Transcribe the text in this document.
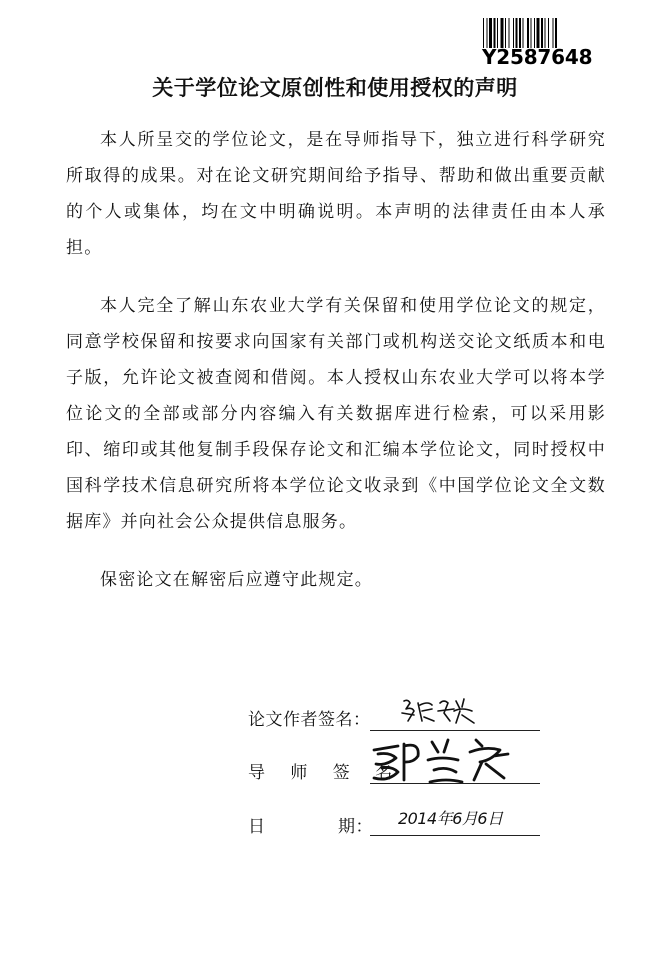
Y2587648
关于学位论文原创性和使用授权的声明

本人所呈交的学位论文，是在导师指导下，独立进行科学研究所取得的成果。对在论文研究期间给予指导、帮助和做出重要贡献的个人或集体，均在文中明确说明。本声明的法律责任由本人承担。

本人完全了解山东农业大学有关保留和使用学位论文的规定，同意学校保留和按要求向国家有关部门或机构送交论文纸质本和电子版，允许论文被查阅和借阅。本人授权山东农业大学可以将本学位论文的全部或部分内容编入有关数据库进行检索，可以采用影印、缩印或其他复制手段保存论文和汇编本学位论文，同时授权中国科学技术信息研究所将本学位论文收录到《中国学位论文全文数据库》并向社会公众提供信息服务。

保密论文在解密后应遵守此规定。

论文作者签名：
导 师 签 名
日	期： 2014年6月6日
